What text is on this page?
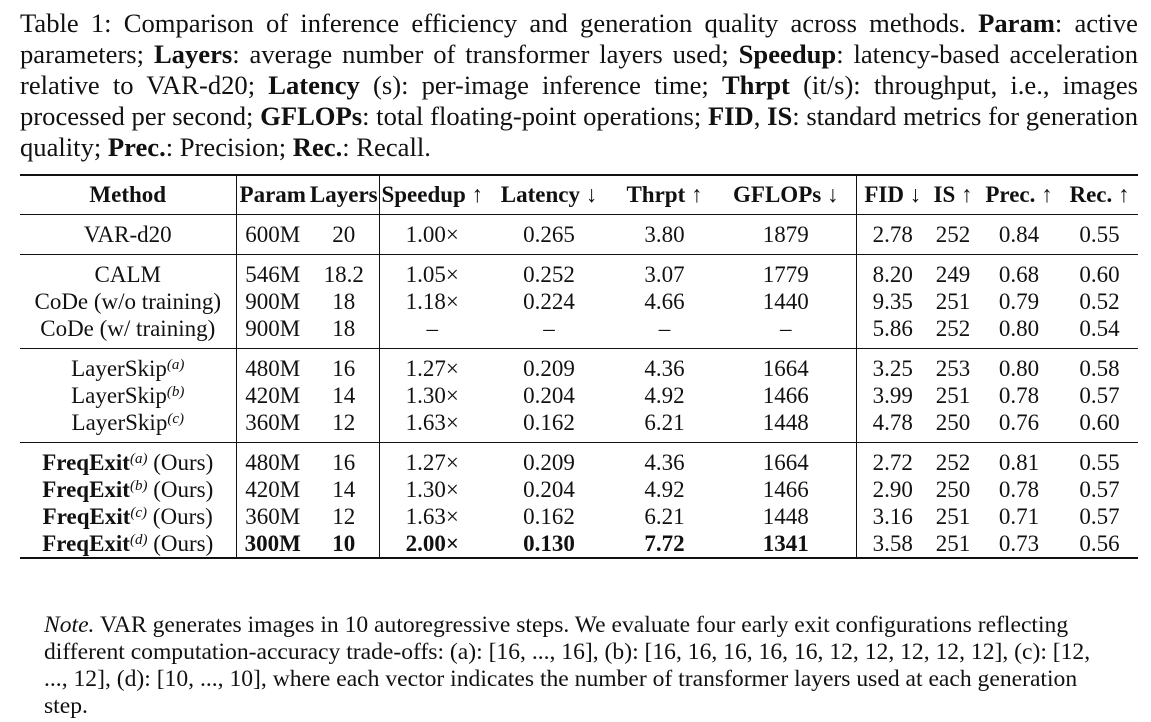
Table 1: Comparison of inference efficiency and generation quality across methods. Param: active parameters; Layers: average number of transformer layers used; Speedup: latency-based acceleration relative to VAR-d20; Latency (s): per-image inference time; Thrpt (it/s): throughput, i.e., images processed per second; GFLOPs: total floating-point operations; FID, IS: standard metrics for generation quality; Prec.: Precision; Rec.: Recall.
Method	Param	Layers	Speedup ↑	Latency ↓	Thrpt ↑	GFLOPs ↓	FID ↓	IS ↑	Prec. ↑	Rec. ↑
VAR-d20	600M	20	1.00×	0.265	3.80	1879	2.78	252	0.84	0.55
CALM	546M	18.2	1.05×	0.252	3.07	1779	8.20	249	0.68	0.60
CoDe (w/o training)	900M	18	1.18×	0.224	4.66	1440	9.35	251	0.79	0.52
CoDe (w/ training)	900M	18	–	–	–	–	5.86	252	0.80	0.54
LayerSkip$^{(a)}$	480M	16	1.27×	0.209	4.36	1664	3.25	253	0.80	0.58
LayerSkip$^{(b)}$	420M	14	1.30×	0.204	4.92	1466	3.99	251	0.78	0.57
LayerSkip$^{(c)}$	360M	12	1.63×	0.162	6.21	1448	4.78	250	0.76	0.60
FreqExit$^{(a)}$ (Ours)	480M	16	1.27×	0.209	4.36	1664	2.72	252	0.81	0.55
FreqExit$^{(b)}$ (Ours)	420M	14	1.30×	0.204	4.92	1466	2.90	250	0.78	0.57
FreqExit$^{(c)}$ (Ours)	360M	12	1.63×	0.162	6.21	1448	3.16	251	0.71	0.57
FreqExit$^{(d)}$ (Ours)	300M	10	2.00×	0.130	7.72	1341	3.58	251	0.73	0.56
Note. VAR generates images in 10 autoregressive steps. We evaluate four early exit configurations reflecting different computation-accuracy trade-offs: (a): [16, ..., 16], (b): [16, 16, 16, 16, 16, 12, 12, 12, 12, 12], (c): [12, ..., 12], (d): [10, ..., 10], where each vector indicates the number of transformer layers used at each generation step.
